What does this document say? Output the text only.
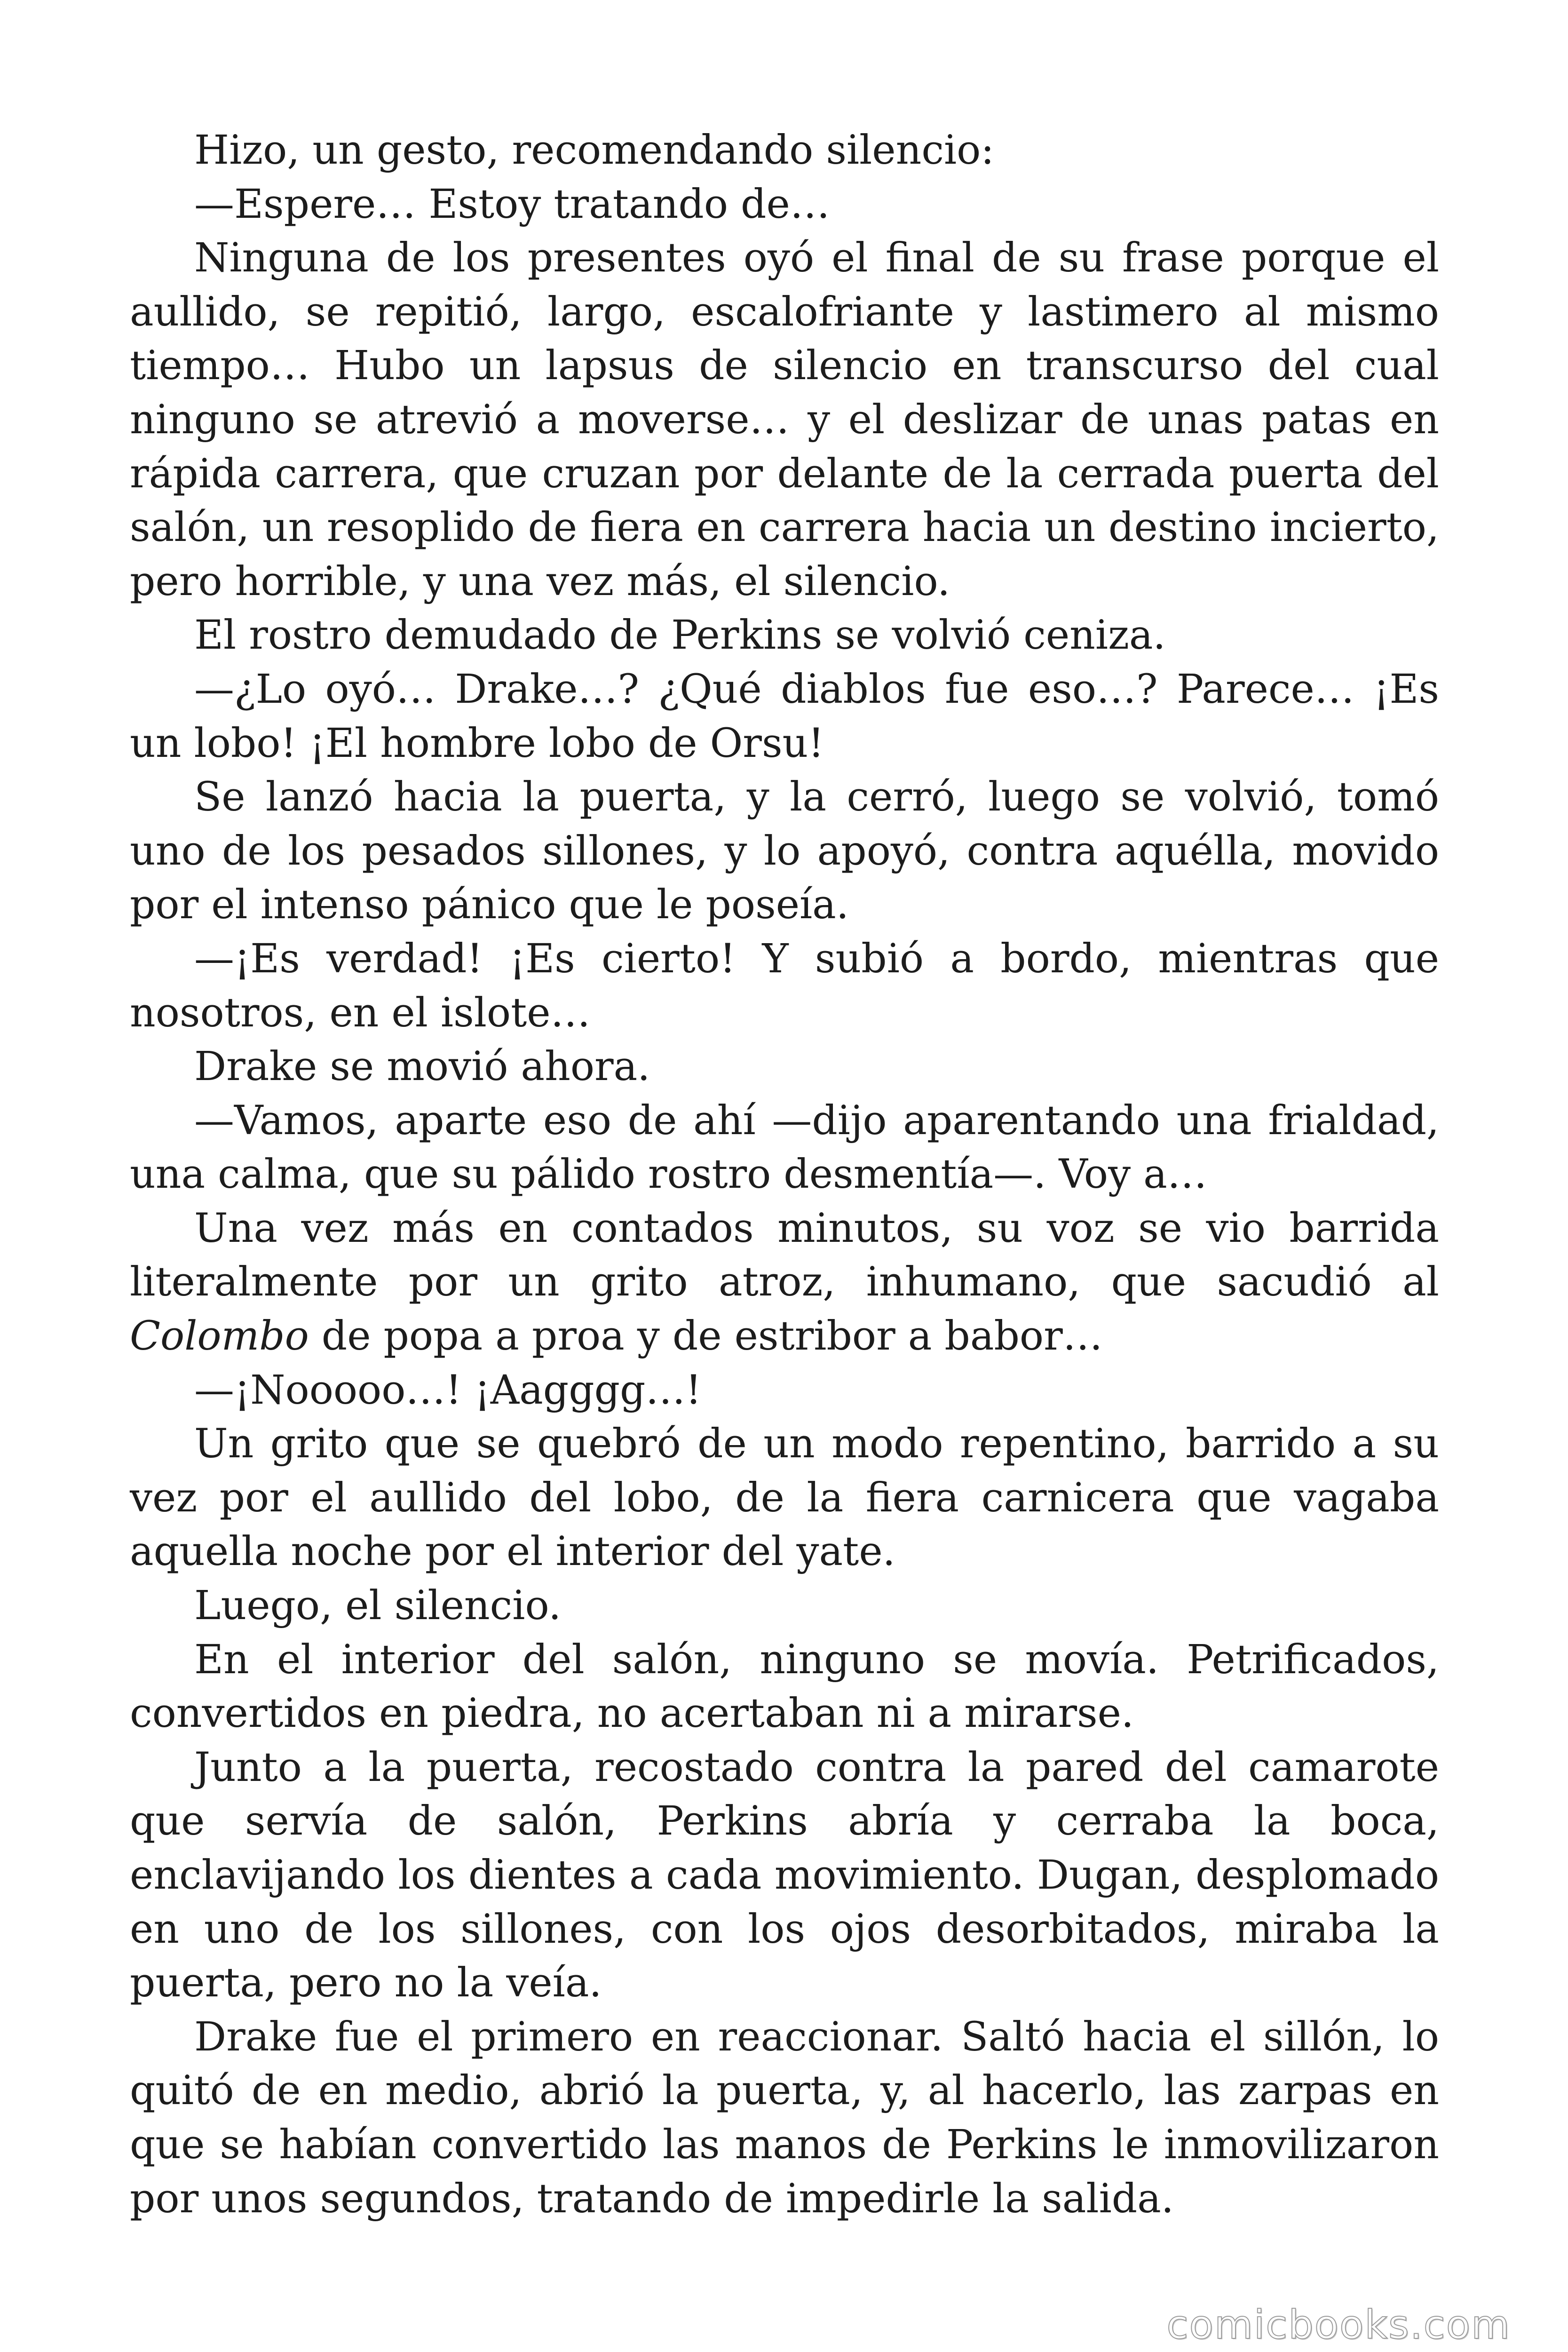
Hizo, un gesto, recomendando silencio:

—Espere… Estoy tratando de…

Ninguna de los presentes oyó el final de su frase porque el aullido, se repitió, largo, escalofriante y lastimero al mismo tiempo… Hubo un lapsus de silencio en transcurso del cual ninguno se atrevió a moverse… y el deslizar de unas patas en rápida carrera, que cruzan por delante de la cerrada puerta del salón, un resoplido de fiera en carrera hacia un destino incierto, pero horrible, y una vez más, el silencio.

El rostro demudado de Perkins se volvió ceniza.

—¿Lo oyó… Drake…? ¿Qué diablos fue eso…? Parece… ¡Es un lobo! ¡El hombre lobo de Orsu!

Se lanzó hacia la puerta, y la cerró, luego se volvió, tomó uno de los pesados sillones, y lo apoyó, contra aquélla, movido por el intenso pánico que le poseía.

—¡Es verdad! ¡Es cierto! Y subió a bordo, mientras que nosotros, en el islote…

Drake se movió ahora.

—Vamos, aparte eso de ahí —dijo aparentando una frialdad, una calma, que su pálido rostro desmentía—. Voy a…

Una vez más en contados minutos, su voz se vio barrida literalmente por un grito atroz, inhumano, que sacudió al Colombo de popa a proa y de estribor a babor…

—¡Nooooo…! ¡Aagggg…!

Un grito que se quebró de un modo repentino, barrido a su vez por el aullido del lobo, de la fiera carnicera que vagaba aquella noche por el interior del yate.

Luego, el silencio.

En el interior del salón, ninguno se movía. Petrificados, convertidos en piedra, no acertaban ni a mirarse.

Junto a la puerta, recostado contra la pared del camarote que servía de salón, Perkins abría y cerraba la boca, enclavijando los dientes a cada movimiento. Dugan, desplomado en uno de los sillones, con los ojos desorbitados, miraba la puerta, pero no la veía.

Drake fue el primero en reaccionar. Saltó hacia el sillón, lo quitó de en medio, abrió la puerta, y, al hacerlo, las zarpas en que se habían convertido las manos de Perkins le inmovilizaron por unos segundos, tratando de impedirle la salida.

comicbooks.com
